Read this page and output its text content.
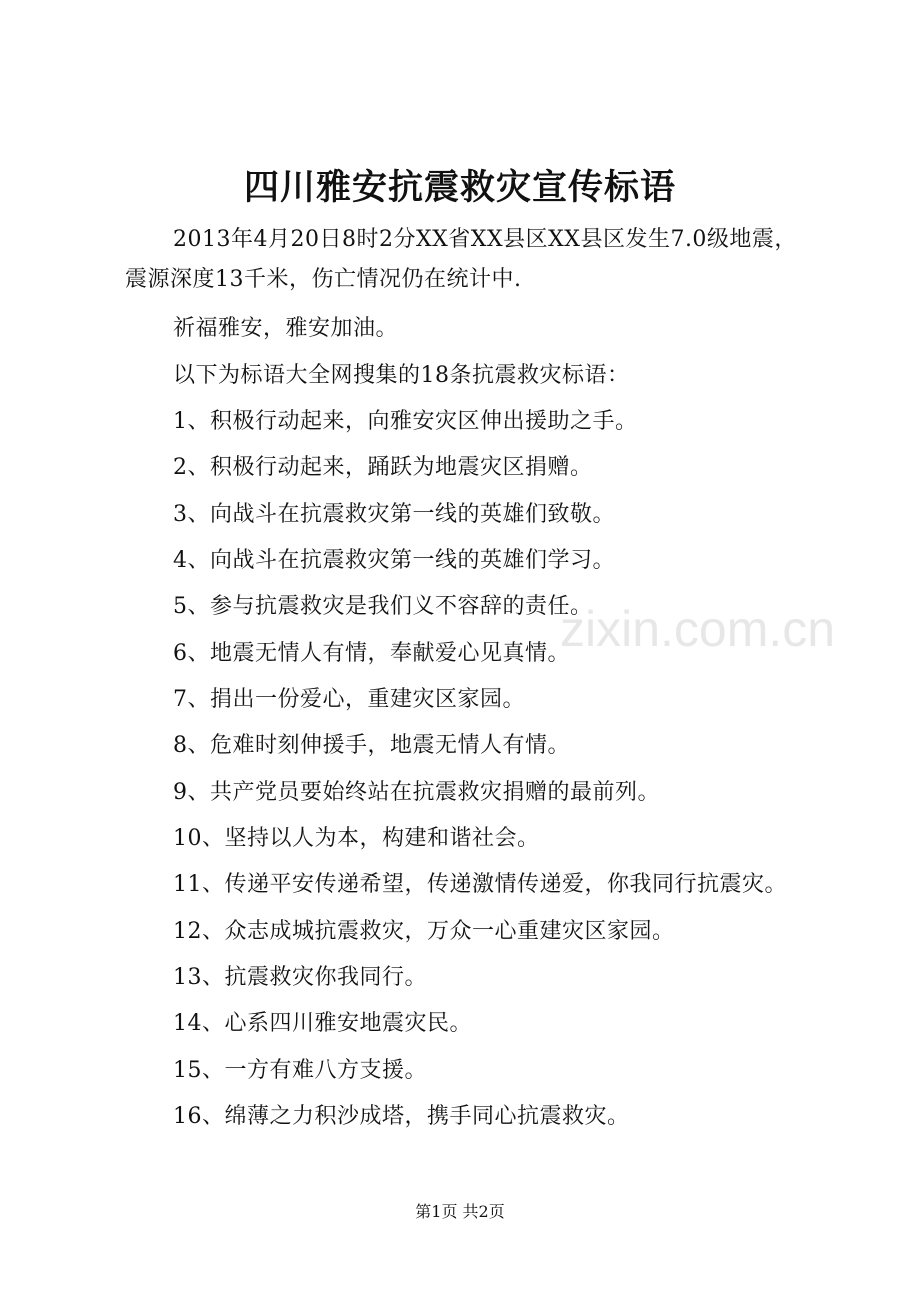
四川雅安抗震救灾宣传标语
2013年4月20日8时2分XX省XX县区XX县区发生7.0级地震，震源深度13千米，伤亡情况仍在统计中.
祈福雅安，雅安加油。
以下为标语大全网搜集的18条抗震救灾标语：
1、积极行动起来，向雅安灾区伸出援助之手。
2、积极行动起来，踊跃为地震灾区捐赠。
3、向战斗在抗震救灾第一线的英雄们致敬。
4、向战斗在抗震救灾第一线的英雄们学习。
5、参与抗震救灾是我们义不容辞的责任。
6、地震无情人有情，奉献爱心见真情。
7、捐出一份爱心，重建灾区家园。
8、危难时刻伸援手，地震无情人有情。
9、共产党员要始终站在抗震救灾捐赠的最前列。
10、坚持以人为本，构建和谐社会。
11、传递平安传递希望，传递激情传递爱，你我同行抗震灾。
12、众志成城抗震救灾，万众一心重建灾区家园。
13、抗震救灾你我同行。
14、心系四川雅安地震灾民。
15、一方有难八方支援。
16、绵薄之力积沙成塔，携手同心抗震救灾。
zixin.com.cn
第1页 共2页
